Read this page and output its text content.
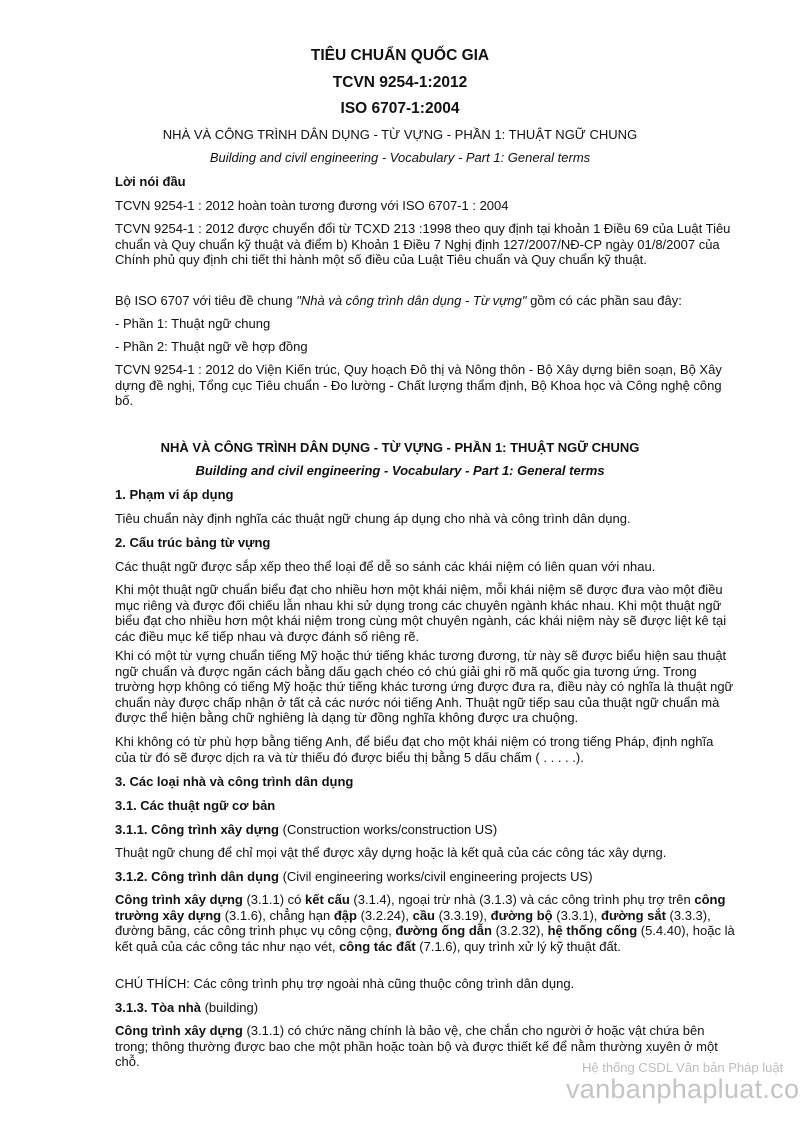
TIÊU CHUẨN QUỐC GIA

TCVN 9254-1:2012

ISO 6707-1:2004

NHÀ VÀ CÔNG TRÌNH DÂN DỤNG - TỪ VỰNG - PHẦN 1: THUẬT NGỮ CHUNG

Building and civil engineering - Vocabulary - Part 1: General terms

Lời nói đầu

TCVN 9254-1 : 2012 hoàn toàn tương đương với ISO 6707-1 : 2004

TCVN 9254-1 : 2012 được chuyển đổi từ TCXD 213 :1998 theo quy định tại khoản 1 Điều 69 của Luật Tiêu chuẩn và Quy chuẩn kỹ thuật và điểm b) Khoản 1 Điều 7 Nghị định 127/2007/NĐ-CP ngày 01/8/2007 của Chính phủ quy định chi tiết thi hành một số điều của Luật Tiêu chuẩn và Quy chuẩn kỹ thuật.

Bộ ISO 6707 với tiêu đề chung "Nhà và công trình dân dụng - Từ vựng" gồm có các phần sau đây:

- Phần 1: Thuật ngữ chung

- Phần 2: Thuật ngữ về hợp đồng

TCVN 9254-1 : 2012 do Viện Kiến trúc, Quy hoạch Đô thị và Nông thôn - Bộ Xây dựng biên soạn, Bộ Xây dựng đề nghị, Tổng cục Tiêu chuẩn - Đo lường - Chất lượng thẩm định, Bộ Khoa học và Công nghệ công bố.

NHÀ VÀ CÔNG TRÌNH DÂN DỤNG - TỪ VỰNG - PHẦN 1: THUẬT NGỮ CHUNG

Building and civil engineering - Vocabulary - Part 1: General terms

1. Phạm vi áp dụng

Tiêu chuẩn này định nghĩa các thuật ngữ chung áp dụng cho nhà và công trình dân dụng.

2. Cấu trúc bảng từ vựng

Các thuật ngữ được sắp xếp theo thể loại để dễ so sánh các khái niệm có liên quan với nhau.

Khi một thuật ngữ chuẩn biểu đạt cho nhiều hơn một khái niệm, mỗi khái niệm sẽ được đưa vào một điều mục riêng và được đối chiếu lẫn nhau khi sử dụng trong các chuyên ngành khác nhau. Khi một thuật ngữ biểu đạt cho nhiều hơn một khái niệm trong cùng một chuyên ngành, các khái niệm này sẽ được liệt kê tại các điều mục kế tiếp nhau và được đánh số riêng rẽ.

Khi có một từ vựng chuẩn tiếng Mỹ hoặc thứ tiếng khác tương đương, từ này sẽ được biểu hiện sau thuật ngữ chuẩn và được ngăn cách bằng dấu gạch chéo có chú giải ghi rõ mã quốc gia tương ứng. Trong trường hợp không có tiếng Mỹ hoặc thứ tiếng khác tương ứng được đưa ra, điều này có nghĩa là thuật ngữ chuẩn này được chấp nhận ở tất cả các nước nói tiếng Anh. Thuật ngữ tiếp sau của thuật ngữ chuẩn mà được thể hiện bằng chữ nghiêng là dạng từ đồng nghĩa không được ưa chuộng.

Khi không có từ phù hợp bằng tiếng Anh, để biểu đạt cho một khái niệm có trong tiếng Pháp, định nghĩa của từ đó sẽ được dịch ra và từ thiếu đó được biểu thị bằng 5 dấu chấm ( . . . . .).

3. Các loại nhà và công trình dân dụng

3.1. Các thuật ngữ cơ bản

3.1.1. Công trình xây dựng (Construction works/construction US)

Thuật ngữ chung để chỉ mọi vật thể được xây dựng hoặc là kết quả của các công tác xây dựng.

3.1.2. Công trình dân dụng (Civil engineering works/civil engineering projects US)

Công trình xây dựng (3.1.1) có kết cấu (3.1.4), ngoại trừ nhà (3.1.3) và các công trình phụ trợ trên công trường xây dựng (3.1.6), chẳng hạn đập (3.2.24), cầu (3.3.19), đường bộ (3.3.1), đường sắt (3.3.3), đường băng, các công trình phục vụ công cộng, đường ống dẫn (3.2.32), hệ thống cống (5.4.40), hoặc là kết quả của các công tác như nạo vét, công tác đất (7.1.6), quy trình xử lý kỹ thuật đất.

CHÚ THÍCH: Các công trình phụ trợ ngoài nhà cũng thuộc công trình dân dụng.

3.1.3. Tòa nhà (building)

Công trình xây dựng (3.1.1) có chức năng chính là bảo vệ, che chắn cho người ở hoặc vật chứa bên trong; thông thường được bao che một phần hoặc toàn bộ và được thiết kế để nằm thường xuyên ở một chỗ.	Hệ thống CSDL Văn bản Pháp luật

vanbanphapluat.co
